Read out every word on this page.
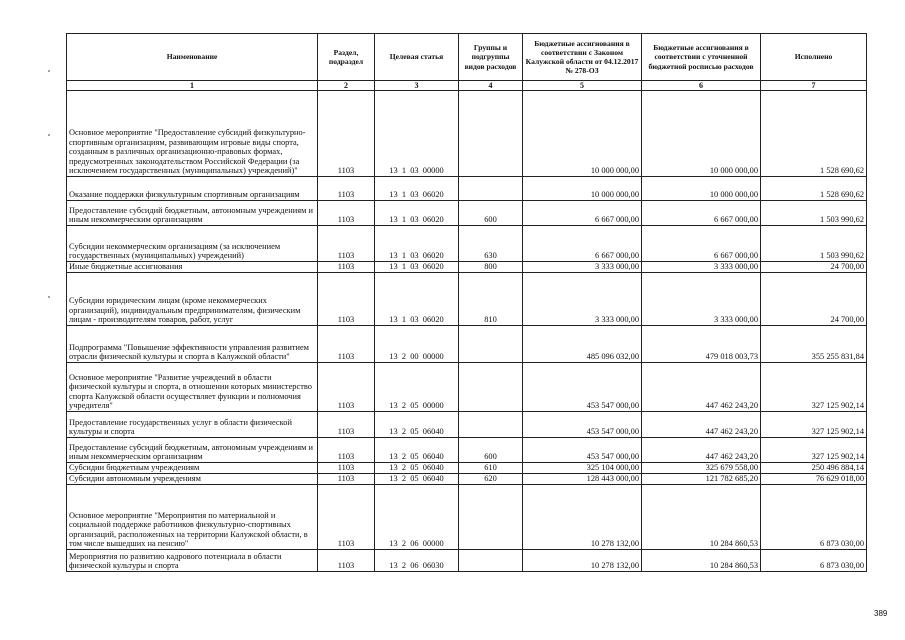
Наименование	Раздел, подраздел	Целевая статья	Группы и подгруппы видов расходов	Бюджетные ассигнования в соответствии с Законом Калужской области от 04.12.2017 № 278-ОЗ	Бюджетные ассигнования в соответствии с уточненной бюджетной росписью расходов	Исполнено
1	2	3	4	5	6	7
Основное мероприятие "Предоставление субсидий физкультурно-спортивным организациям, развивающим игровые виды спорта, созданным в различных организационно-правовых формах, предусмотренных законодательством Российской Федерации (за исключением государственных (муниципальных) учреждений)"	1103	13  1  03  00000		10 000 000,00	10 000 000,00	1 528 690,62
Оказание поддержки физкультурным спортивным организациям	1103	13  1  03  06020		10 000 000,00	10 000 000,00	1 528 690,62
Предоставление субсидий бюджетным, автономным учреждениям и иным некоммерческим организациям	1103	13  1  03  06020	600	6 667 000,00	6 667 000,00	1 503 990,62
Субсидии некоммерческим организациям (за исключением государственных (муниципальных) учреждений)	1103	13  1  03  06020	630	6 667 000,00	6 667 000,00	1 503 990,62
Иные бюджетные ассигнования	1103	13  1  03  06020	800	3 333 000,00	3 333 000,00	24 700,00
Субсидии юридическим лицам (кроме некоммерческих организаций), индивидуальным предпринимателям, физическим лицам - производителям товаров, работ, услуг	1103	13  1  03  06020	810	3 333 000,00	3 333 000,00	24 700,00
Подпрограмма "Повышение эффективности управления развитием отрасли физической культуры и спорта в Калужской области"	1103	13  2  00  00000		485 096 032,00	479 018 003,73	355 255 831,84
Основное мероприятие "Развитие учреждений в области физической культуры и спорта, в отношении которых министерство спорта Калужской области осуществляет функции и полномочия учредителя"	1103	13  2  05  00000		453 547 000,00	447 462 243,20	327 125 902,14
Предоставление государственных услуг в области физической культуры и спорта	1103	13  2  05  06040		453 547 000,00	447 462 243,20	327 125 902,14
Предоставление субсидий бюджетным, автономным учреждениям и иным некоммерческим организациям	1103	13  2  05  06040	600	453 547 000,00	447 462 243,20	327 125 902,14
Субсидии бюджетным учреждениям	1103	13  2  05  06040	610	325 104 000,00	325 679 558,00	250 496 884,14
Субсидии автономным учреждениям	1103	13  2  05  06040	620	128 443 000,00	121 782 685,20	76 629 018,00
Основное мероприятие "Мероприятия по материальной и социальной поддержке работников физкультурно-спортивных организаций, расположенных на территории Калужской области, в том числе вышедших на пенсию"	1103	13  2  06  00000		10 278 132,00	10 284 860,53	6 873 030,00
Мероприятия по развитию кадрового потенциала в области физической культуры и спорта	1103	13  2  06  06030		10 278 132,00	10 284 860,53	6 873 030,00
389
